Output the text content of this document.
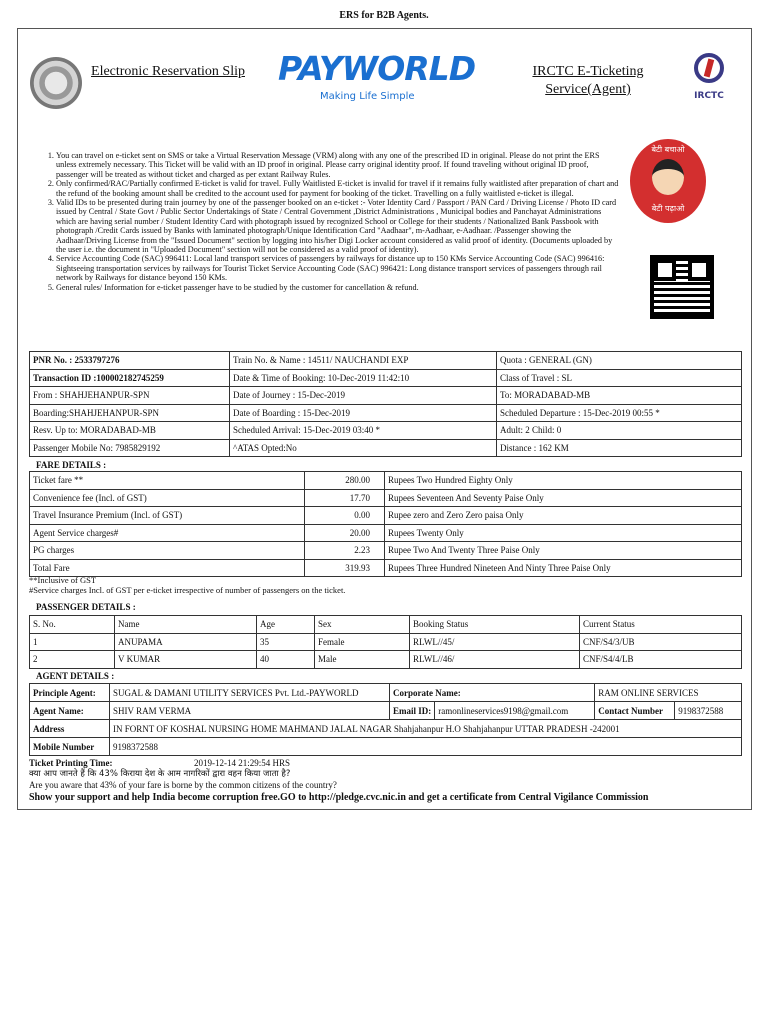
ERS for B2B Agents.
Electronic Reservation Slip PAYWORLD
Making Life Simple
IRCTC E-Ticketing Service(Agent)	IRCTC
1. You can travel on e-ticket sent on SMS or take a Virtual Reservation Message (VRM) along with any one of the prescribed ID in original. Please do not print the ERS unless extremely necessary. This Ticket will be valid with an ID proof in original. Please carry original identity proof. If found traveling without original ID proof, passenger will be treated as without ticket and charged as per extant Railway Rules.
2. Only confirmed/RAC/Partially confirmed E-ticket is valid for travel. Fully Waitlisted E-ticket is invalid for travel if it remains fully waitlisted after preparation of chart and the refund of the booking amount shall be credited to the account used for payment for booking of the ticket. Travelling on a fully waitlisted e-ticket is illegal.
3. Valid IDs to be presented during train journey by one of the passenger booked on an e-ticket :- Voter Identity Card / Passport / PAN Card / Driving License / Photo ID card issued by Central / State Govt / Public Sector Undertakings of State / Central Government ,District Administrations , Municipal bodies and Panchayat Administrations which are having serial number / Student Identity Card with photograph issued by recognized School or College for their students / Nationalized Bank Passbook with photograph /Credit Cards issued by Banks with laminated photograph/Unique Identification Card "Aadhaar", m-Aadhaar, e-Aadhaar. /Passenger showing the Aadhaar/Driving License from the "Issued Document" section by logging into his/her Digi Locker account considered as valid proof of identity. (Documents uploaded by the user i.e. the document in "Uploaded Document" section will not be considered as a valid proof of identity).
4. Service Accounting Code (SAC) 996411: Local land transport services of passengers by railways for distance up to 150 KMs Service Accounting Code (SAC) 996416: Sightseeing transportation services by railways for Tourist Ticket Service Accounting Code (SAC) 996421: Long distance transport services of passengers through rail network by Railways for distance beyond 150 KMs.
5. General rules/ Information for e-ticket passenger have to be studied by the customer for cancellation & refund.
बेटी बचाओ
बेटी पढ़ाओ
PNR No. : 2533797276	Train No. & Name : 14511/ NAUCHANDI EXP	Quota : GENERAL (GN)
Transaction ID :100002182745259	Date & Time of Booking: 10-Dec-2019 11:42:10	Class of Travel : SL
From : SHAHJEHANPUR-SPN	Date of Journey : 15-Dec-2019	To: MORADABAD-MB
Boarding:SHAHJEHANPUR-SPN	Date of Boarding : 15-Dec-2019	Scheduled Departure : 15-Dec-2019 00:55 *
Resv. Up to: MORADABAD-MB	Scheduled Arrival: 15-Dec-2019 03:40 *	Adult: 2 Child: 0
Passenger Mobile No: 7985829192	^ATAS Opted:No	Distance : 162 KM
FARE DETAILS :
Ticket fare **	280.00	Rupees Two Hundred Eighty Only
Convenience fee (Incl. of GST)	17.70	Rupees Seventeen And Seventy Paise Only
Travel Insurance Premium (Incl. of GST)	0.00	Rupee zero and Zero Zero paisa Only
Agent Service charges#	20.00	Rupees Twenty Only
PG charges	2.23	Rupee Two And Twenty Three Paise Only
Total Fare	319.93	Rupees Three Hundred Nineteen And Ninty Three Paise Only
**Inclusive of GST
#Service charges Incl. of GST per e-ticket irrespective of number of passengers on the ticket.
PASSENGER DETAILS :
S. No.	Name	Age	Sex	Booking Status	Current Status
1	ANUPAMA	35	Female	RLWL//45/	CNF/S4/3/UB
2	V KUMAR	40	Male	RLWL//46/	CNF/S4/4/LB
AGENT DETAILS :
Principle Agent:	SUGAL & DAMANI UTILITY SERVICES Pvt. Ltd.-PAYWORLD	Corporate Name:		RAM ONLINE SERVICES	
Agent Name:	SHIV RAM VERMA	Email ID:	ramonlineservices9198@gmail.com	Contact Number	9198372588
Address	IN FORNT OF KOSHAL NURSING HOME MAHMAND JALAL NAGAR Shahjahanpur H.O Shahjahanpur UTTAR PRADESH -242001				
Mobile Number	9198372588				
Ticket Printing Time:	2019-12-14 21:29:54 HRS
क्या आप जानते हैं कि 43% किराया देश के आम नागरिकों द्वारा वहन किया जाता है?
Are you aware that 43% of your fare is borne by the common citizens of the country?
Show your support and help India become corruption free.GO to http://pledge.cvc.nic.in and get a certificate from Central Vigilance Commission
